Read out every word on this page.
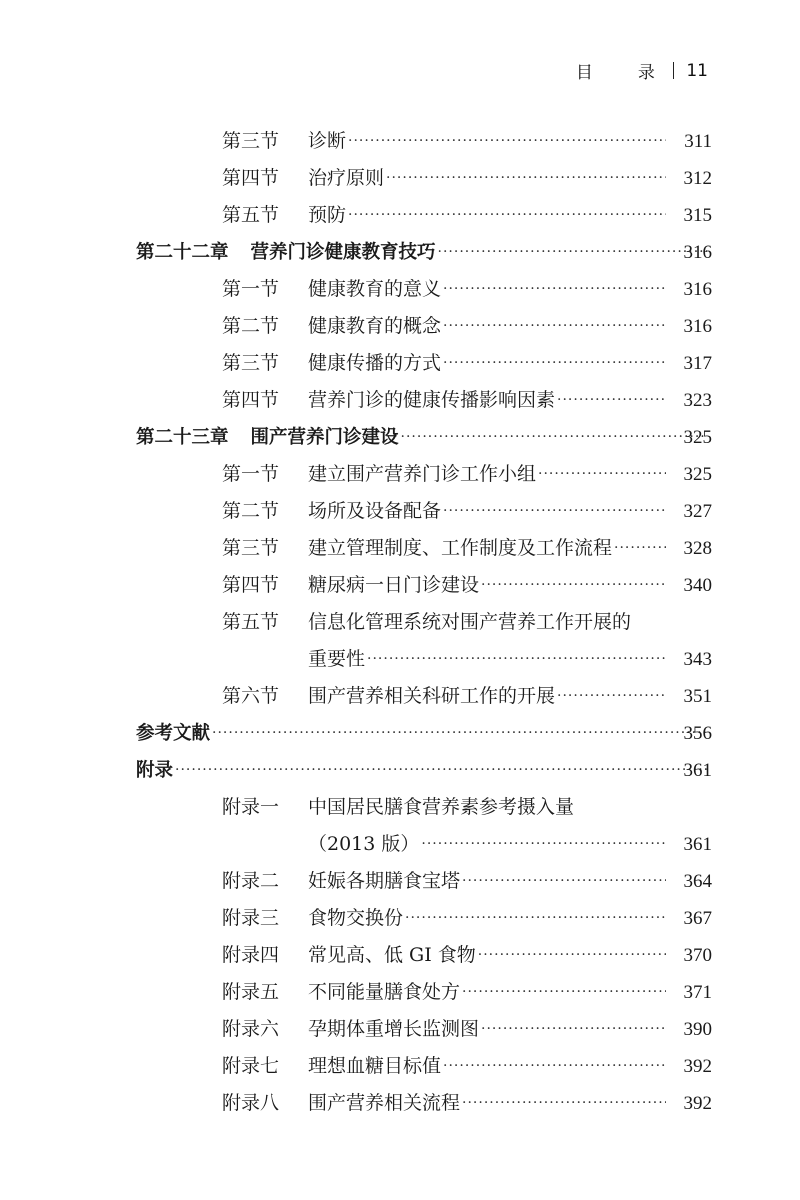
目　录 11
第三节 诊断 ·····	311
第四节 治疗原则 ·····	312
第五节 预防 ·····	315
第二十二章 营养门诊健康教育技巧 ·····	316
第一节 健康教育的意义 ·····	316
第二节 健康教育的概念 ·····	316
第三节 健康传播的方式 ·····	317
第四节 营养门诊的健康传播影响因素 ·····	323
第二十三章 围产营养门诊建设 ·····	325
第一节 建立围产营养门诊工作小组 ·····	325
第二节 场所及设备配备 ·····	327
第三节 建立管理制度、工作制度及工作流程 ·····	328
第四节 糖尿病一日门诊建设 ·····	340
第五节 信息化管理系统对围产营养工作开展的
重要性 ·····	343
第六节 围产营养相关科研工作的开展 ·····	351
参考文献 ·····	356
附录 ·····	361
附录一 中国居民膳食营养素参考摄入量
（2013 版） ·····	361
附录二 妊娠各期膳食宝塔 ·····	364
附录三 食物交换份 ·····	367
附录四 常见高、低 GI 食物 ·····	370
附录五 不同能量膳食处方 ·····	371
附录六 孕期体重增长监测图 ·····	390
附录七 理想血糖目标值 ·····	392
附录八 围产营养相关流程 ·····	392
